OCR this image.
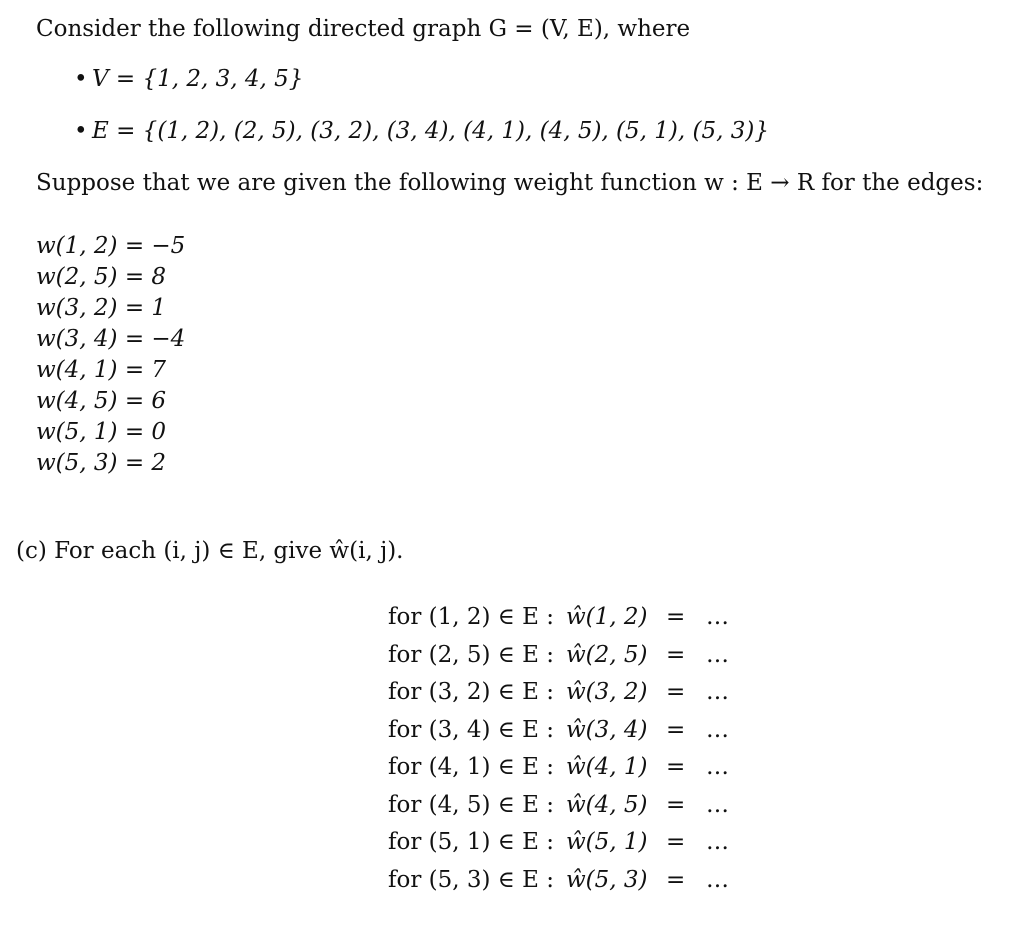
Consider the following directed graph G = (V, E), where
• V = {1, 2, 3, 4, 5}
• E = {(1, 2), (2, 5), (3, 2), (3, 4), (4, 1), (4, 5), (5, 1), (5, 3)}
Suppose that we are given the following weight function w : E → R for the edges:
w(1, 2) = −5
w(2, 5) = 8
w(3, 2) = 1
w(3, 4) = −4
w(4, 1) = 7
w(4, 5) = 6
w(5, 1) = 0
w(5, 3) = 2
(c) For each (i, j) ∈ E, give ŵ(i, j).
for (1, 2) ∈ E : ŵ(1, 2) = …
for (2, 5) ∈ E : ŵ(2, 5) = …
for (3, 2) ∈ E : ŵ(3, 2) = …
for (3, 4) ∈ E : ŵ(3, 4) = …
for (4, 1) ∈ E : ŵ(4, 1) = …
for (4, 5) ∈ E : ŵ(4, 5) = …
for (5, 1) ∈ E : ŵ(5, 1) = …
for (5, 3) ∈ E : ŵ(5, 3) = …
